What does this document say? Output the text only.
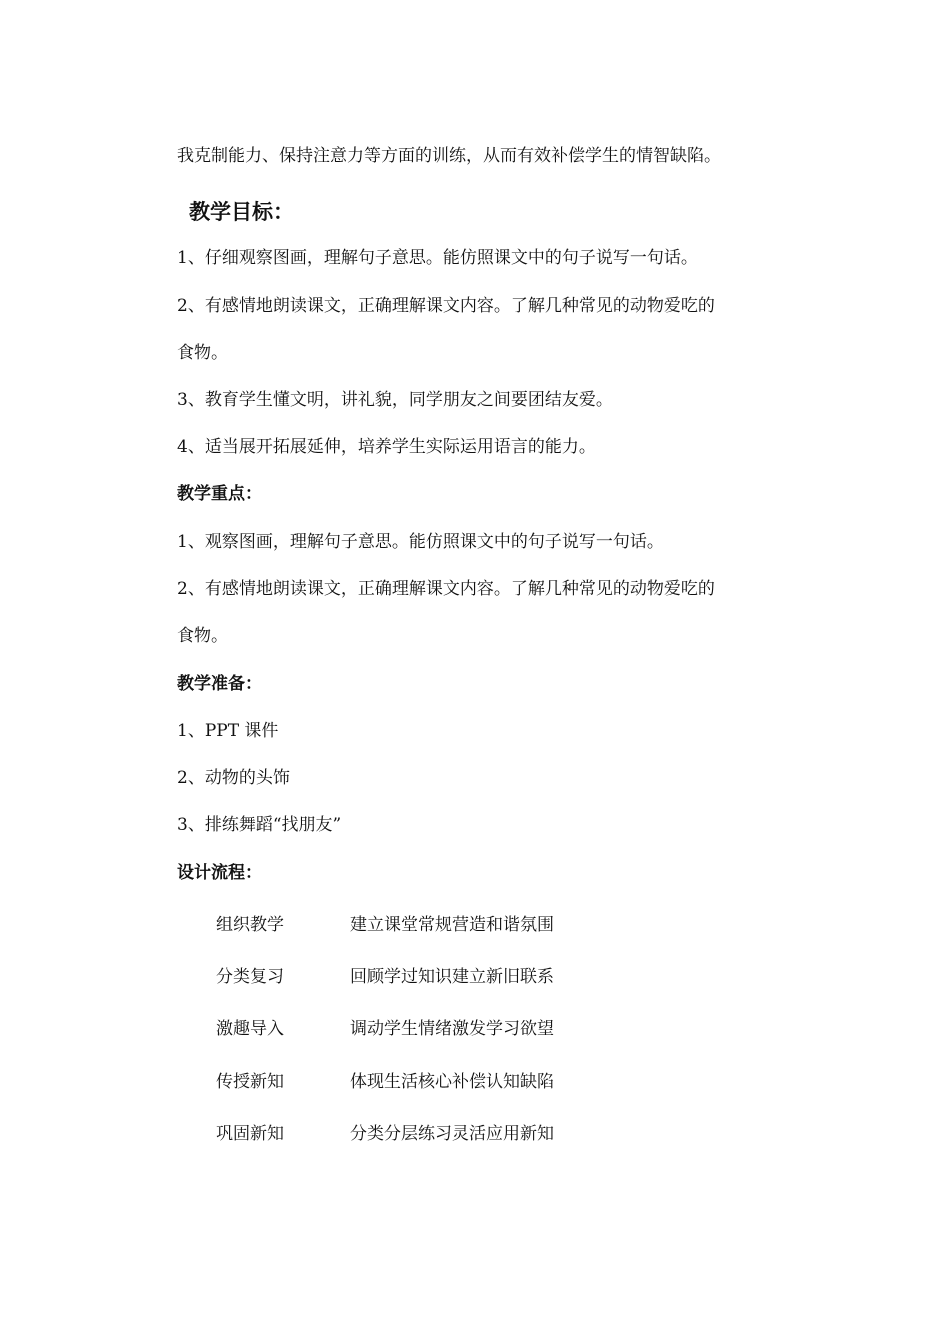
我克制能力、保持注意力等方面的训练，从而有效补偿学生的情智缺陷。
教学目标：
1、仔细观察图画，理解句子意思。能仿照课文中的句子说写一句话。
2、有感情地朗读课文，正确理解课文内容。了解几种常见的动物爱吃的
食物。
3、教育学生懂文明，讲礼貌，同学朋友之间要团结友爱。
4、适当展开拓展延伸，培养学生实际运用语言的能力。
教学重点：
1、观察图画，理解句子意思。能仿照课文中的句子说写一句话。
2、有感情地朗读课文，正确理解课文内容。了解几种常见的动物爱吃的
食物。
教学准备：
1、PPT 课件
2、动物的头饰
3、排练舞蹈“找朋友”
设计流程：
组织教学	建立课堂常规营造和谐氛围
分类复习	回顾学过知识建立新旧联系
激趣导入	调动学生情绪激发学习欲望
传授新知	体现生活核心补偿认知缺陷
巩固新知	分类分层练习灵活应用新知
